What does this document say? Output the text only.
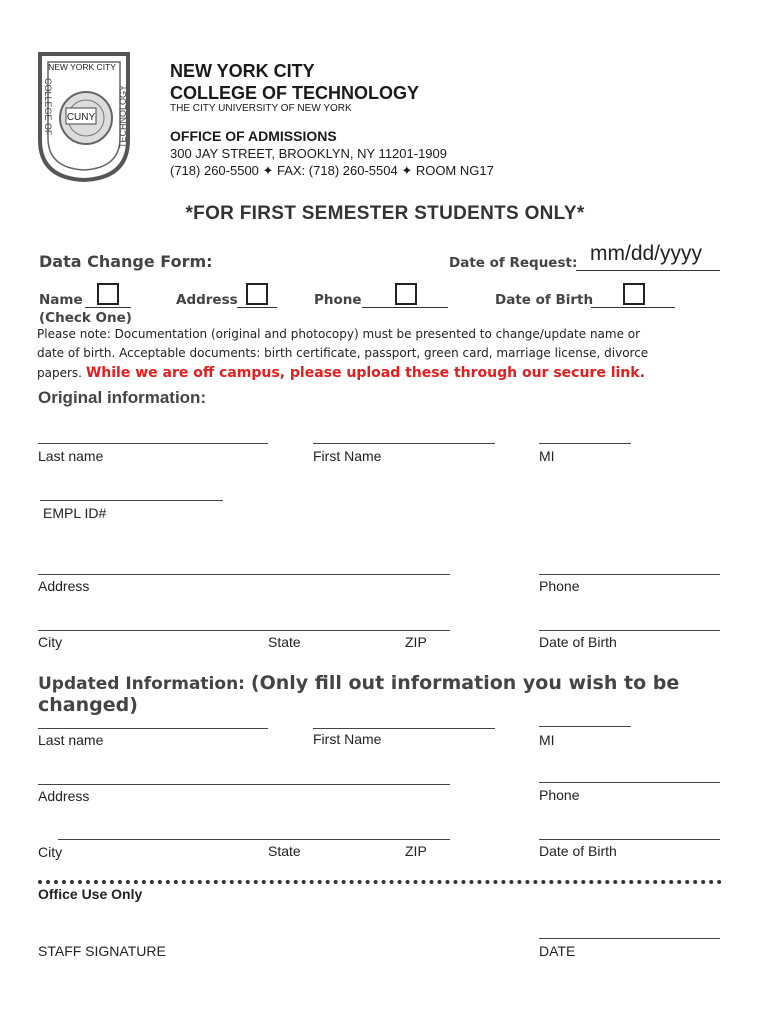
CUNY
NEW YORK CITY
COLLEGE OF	TECHNOLOGY
NEW YORK CITY
COLLEGE OF TECHNOLOGY
THE CITY UNIVERSITY OF NEW YORK
OFFICE OF ADMISSIONS
300 JAY STREET, BROOKLYN, NY 11201-1909
(718) 260-5500 ✦ FAX: (718) 260-5504 ✦ ROOM NG17
*FOR FIRST SEMESTER STUDENTS ONLY*
Data Change Form:	Date of Request: mm/dd/yyyy
Name	Address	Phone	Date of Birth
(Check One)
Please note: Documentation (original and photocopy) must be presented to change/update name or
date of birth. Acceptable documents: birth certificate, passport, green card, marriage license, divorce
papers. While we are off campus, please upload these through our secure link.
Original information:
Last name	First Name	MI
EMPL ID#
Address	Phone
City	State	ZIP	Date of Birth
Updated Information: (Only fill out information you wish to be changed)
Last name	First Name	MI
Address	Phone
City	State	ZIP	Date of Birth
Office Use Only
STAFF SIGNATURE	DATE
